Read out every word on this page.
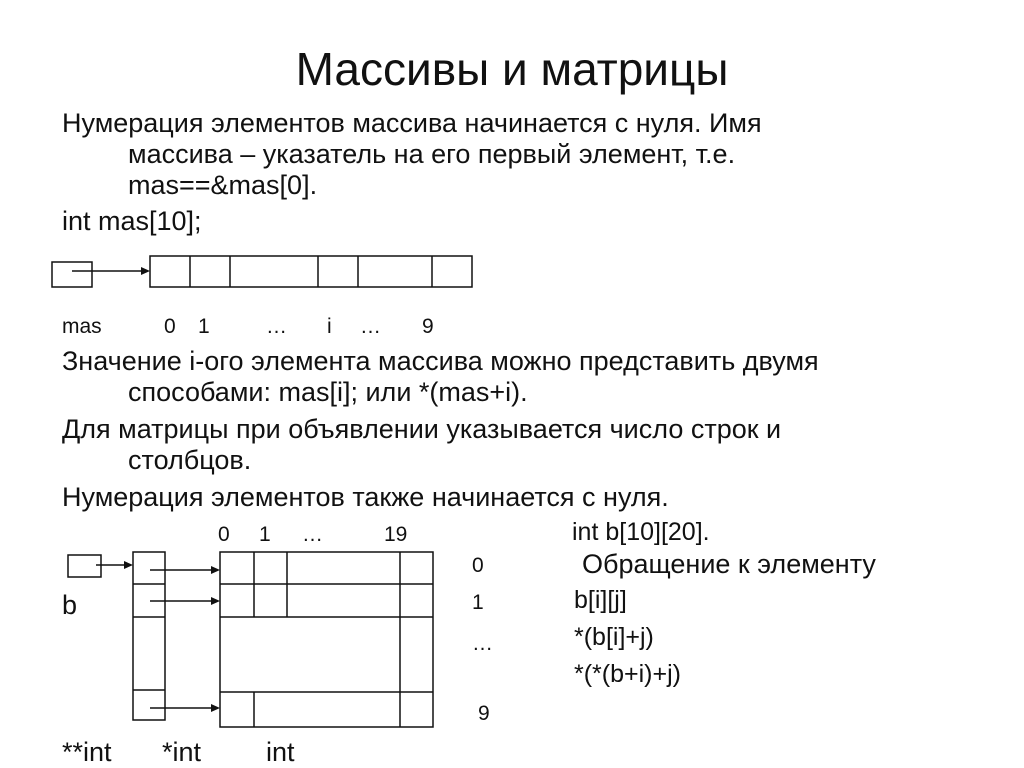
Массивы и матрицы
Нумерация элементов массива начинается с нуля. Имя
массива – указатель на его первый элемент, т.е.
mas==&mas[0].
int mas[10];
mas	0 1	… i … 9
Значение i-ого элемента массива можно представить двумя
способами: mas[i]; или *(mas+i).
Для матрицы при объявлении указывается число строк и
столбцов.
Нумерация элементов также начинается с нуля.
0 1 …	19
b
0
1
…
9
int b[10][20].
Обращение к элементу
b[i][j]
*(b[i]+j)
*(*(b+i)+j)
**int *int int
